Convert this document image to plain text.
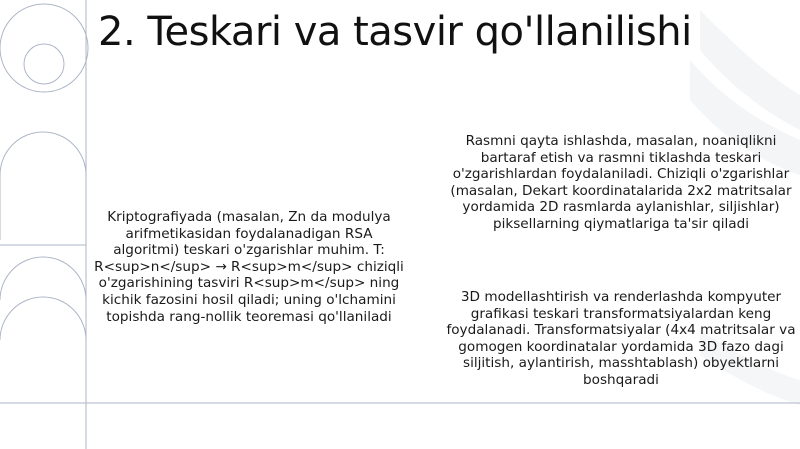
2. Teskari va tasvir qo'llanilishi

Kriptografiyada (masalan, Zn da modulya arifmetikasidan foydalanadigan RSA algoritmi) teskari o'zgarishlar muhim. T: R<sup>n</sup> → R<sup>m</sup> chiziqli o'zgarishining tasviri R<sup>m</sup> ning kichik fazosini hosil qiladi; uning o'lchamini topishda rang-nollik teoremasi qo'llaniladi

Rasmni qayta ishlashda, masalan, noaniqlikni bartaraf etish va rasmni tiklashda teskari o'zgarishlardan foydalaniladi. Chiziqli o'zgarishlar (masalan, Dekart koordinatalarida 2x2 matritsalar yordamida 2D rasmlarda aylanishlar, siljishlar) piksellarning qiymatlariga ta'sir qiladi

3D modellashtirish va renderlashda kompyuter grafikasi teskari transformatsiyalardan keng foydalanadi. Transformatsiyalar (4x4 matritsalar va gomogen koordinatalar yordamida 3D fazo dagi siljitish, aylantirish, masshtablash) obyektlarni boshqaradi
